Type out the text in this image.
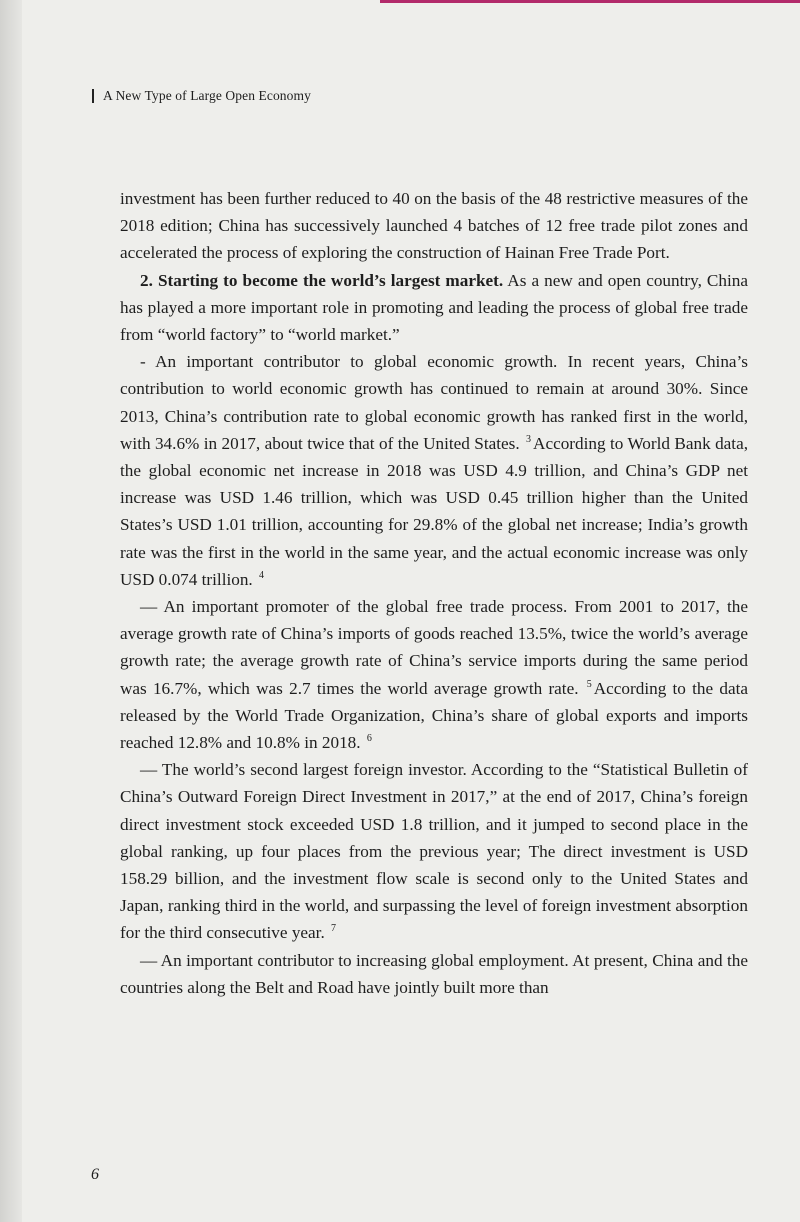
A New Type of Large Open Economy

investment has been further reduced to 40 on the basis of the 48 restrictive measures of the 2018 edition; China has successively launched 4 batches of 12 free trade pilot zones and accelerated the process of exploring the construction of Hainan Free Trade Port.

2. Starting to become the world’s largest market. As a new and open country, China has played a more important role in promoting and leading the process of global free trade from “world factory” to “world market.”

- An important contributor to global economic growth. In recent years, China’s contribution to world economic growth has continued to remain at around 30%. Since 2013, China’s contribution rate to global economic growth has ranked first in the world, with 34.6% in 2017, about twice that of the United States. $^3$ According to World Bank data, the global economic net increase in 2018 was USD 4.9 trillion, and China’s GDP net increase was USD 1.46 trillion, which was USD 0.45 trillion higher than the United States’s USD 1.01 trillion, accounting for 29.8% of the global net increase; India’s growth rate was the first in the world in the same year, and the actual economic increase was only USD 0.074 trillion. $^4$

— An important promoter of the global free trade process. From 2001 to 2017, the average growth rate of China’s imports of goods reached 13.5%, twice the world’s average growth rate; the average growth rate of China’s service imports during the same period was 16.7%, which was 2.7 times the world average growth rate. $^5$ According to the data released by the World Trade Organization, China’s share of global exports and imports reached 12.8% and 10.8% in 2018. $^6$

— The world’s second largest foreign investor. According to the “Statistical Bulletin of China’s Outward Foreign Direct Investment in 2017,” at the end of 2017, China’s foreign direct investment stock exceeded USD 1.8 trillion, and it jumped to second place in the global ranking, up four places from the previous year; The direct investment is USD 158.29 billion, and the investment flow scale is second only to the United States and Japan, ranking third in the world, and surpassing the level of foreign investment absorption for the third consecutive year. $^7$

— An important contributor to increasing global employment. At present, China and the countries along the Belt and Road have jointly built more than

6
